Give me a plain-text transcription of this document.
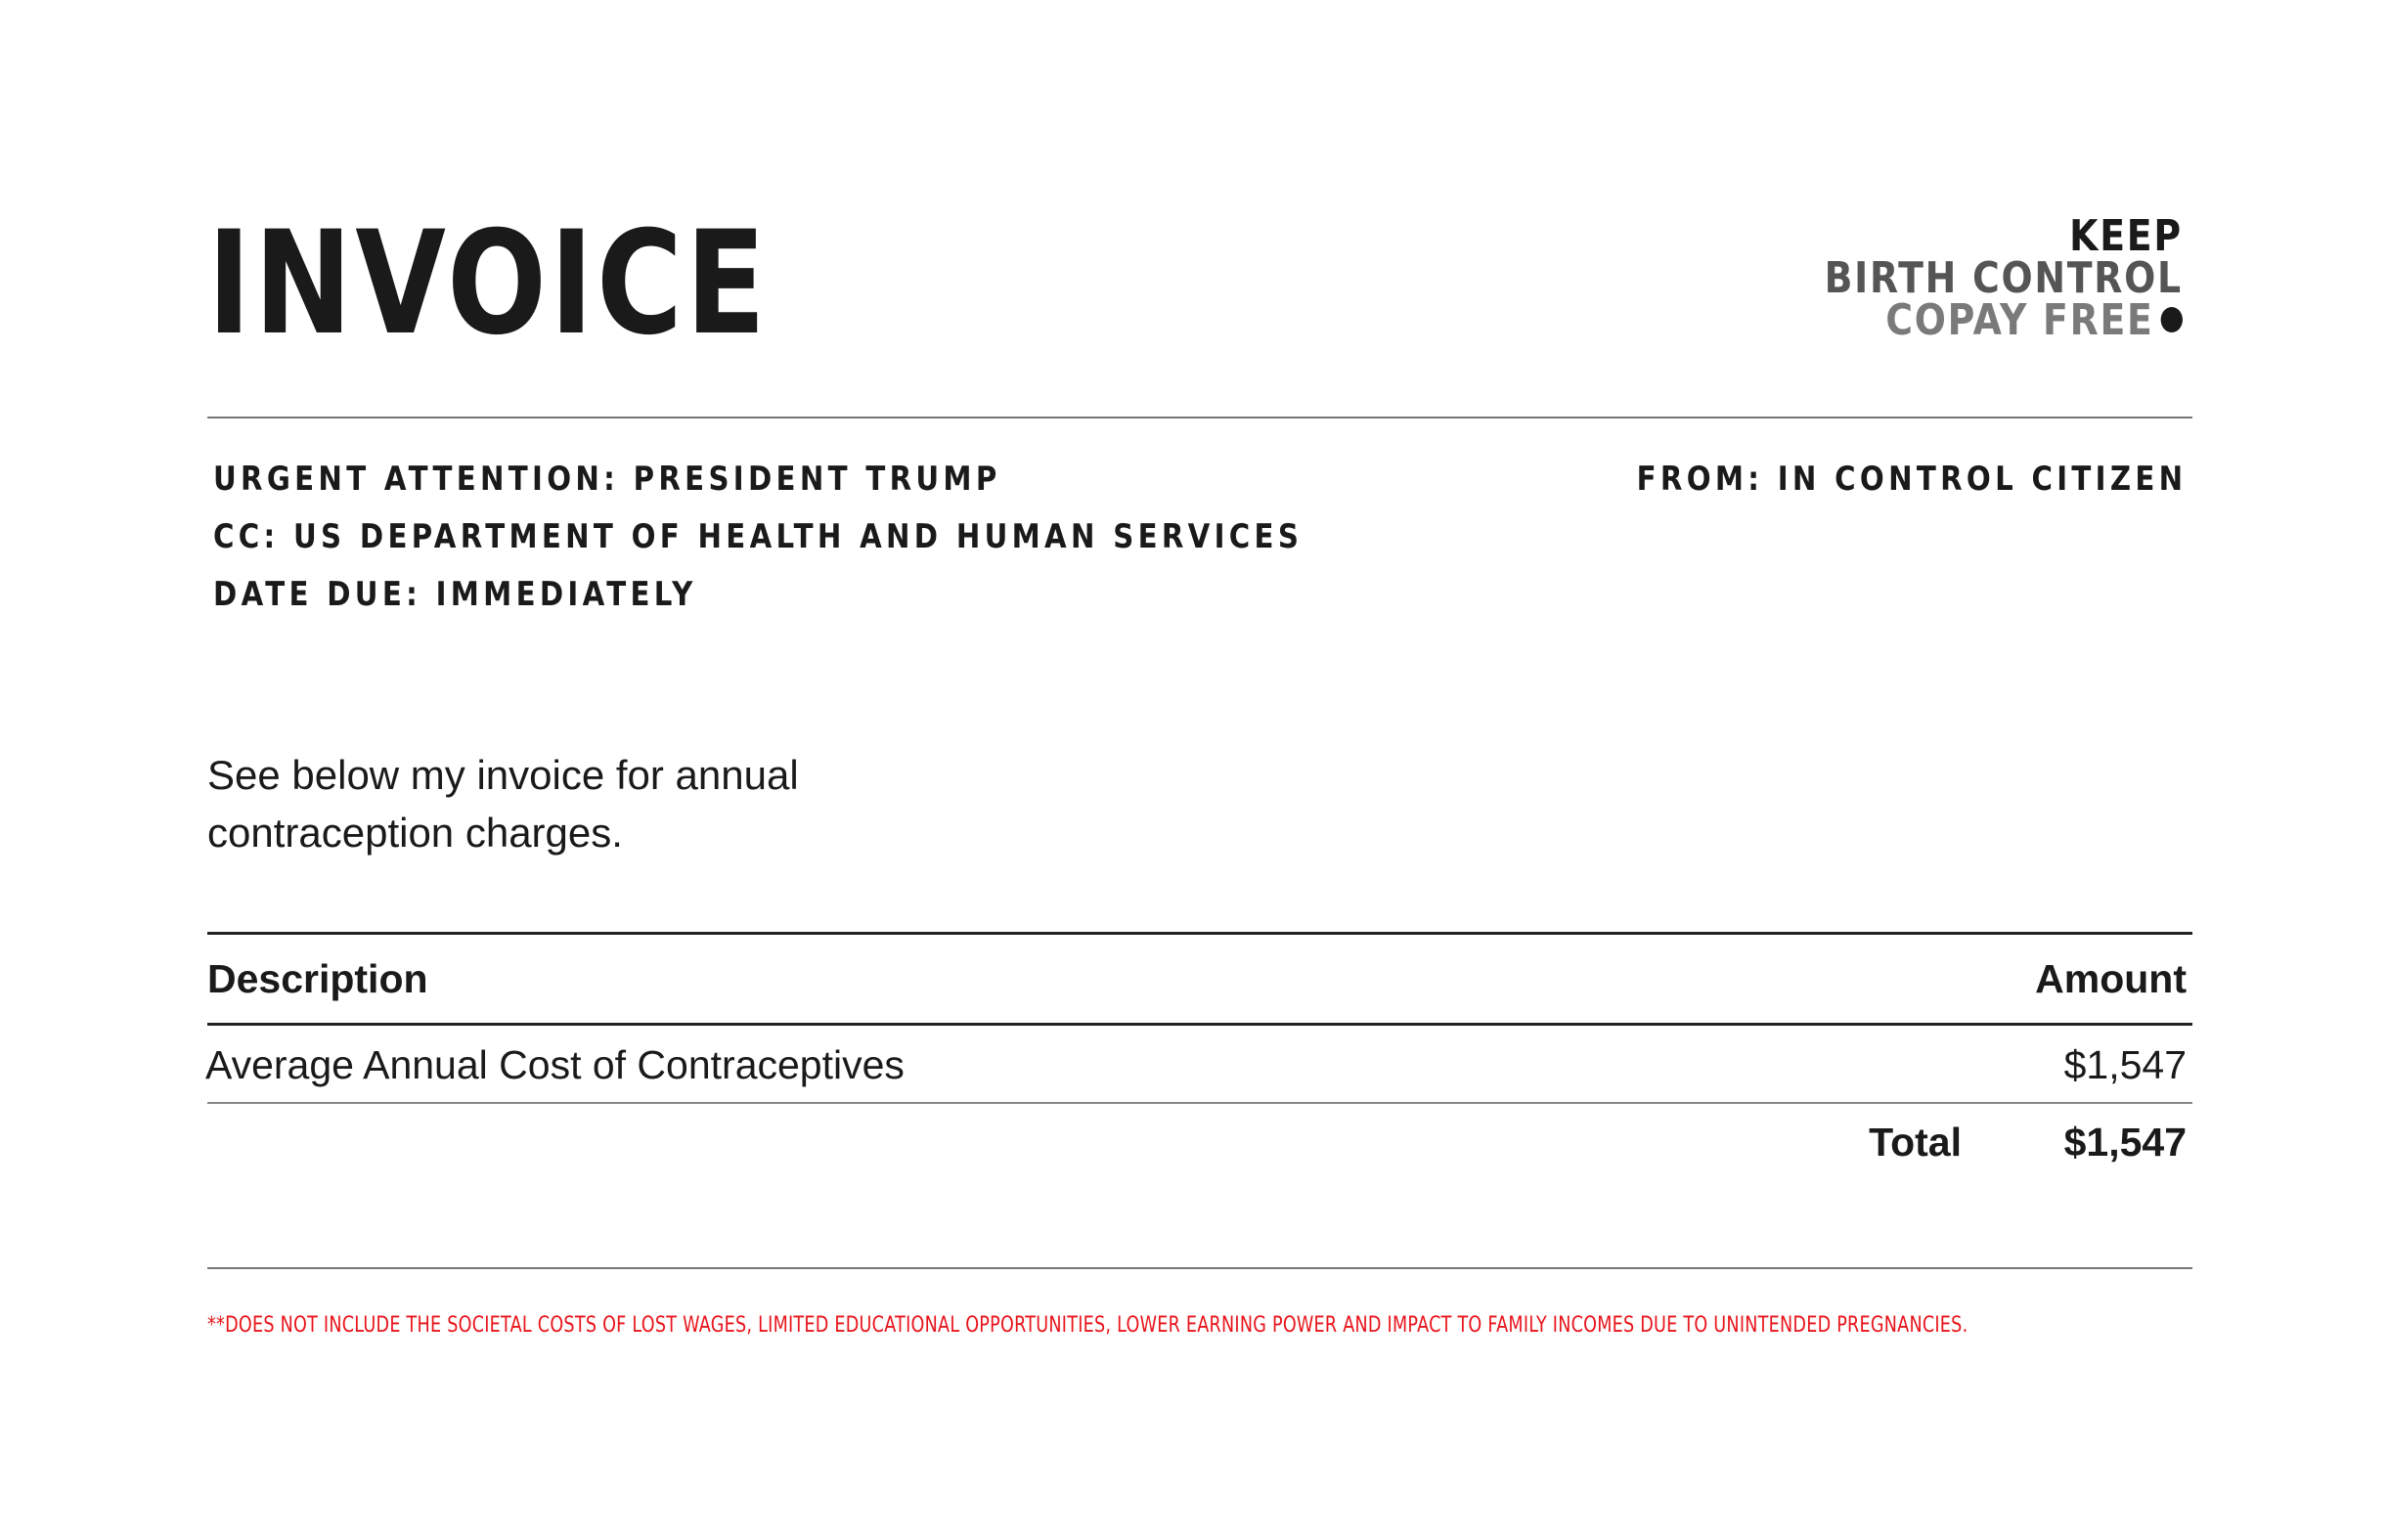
INVOICE	KEEP
BIRTH CONTROL
COPAY FREE
URGENT ATTENTION: PRESIDENT TRUMP
CC: US DEPARTMENT OF HEALTH AND HUMAN SERVICES
DATE DUE: IMMEDIATELY
FROM: IN CONTROL CITIZEN
See below my invoice for annual
contraception charges.
Description	Amount
Average Annual Cost of Contraceptives	$1,547
Total	$1,547
**DOES NOT INCLUDE THE SOCIETAL COSTS OF LOST WAGES, LIMITED EDUCATIONAL OPPORTUNITIES, LOWER EARNING POWER AND IMPACT TO FAMILY INCOMES DUE TO UNINTENDED PREGNANCIES.
